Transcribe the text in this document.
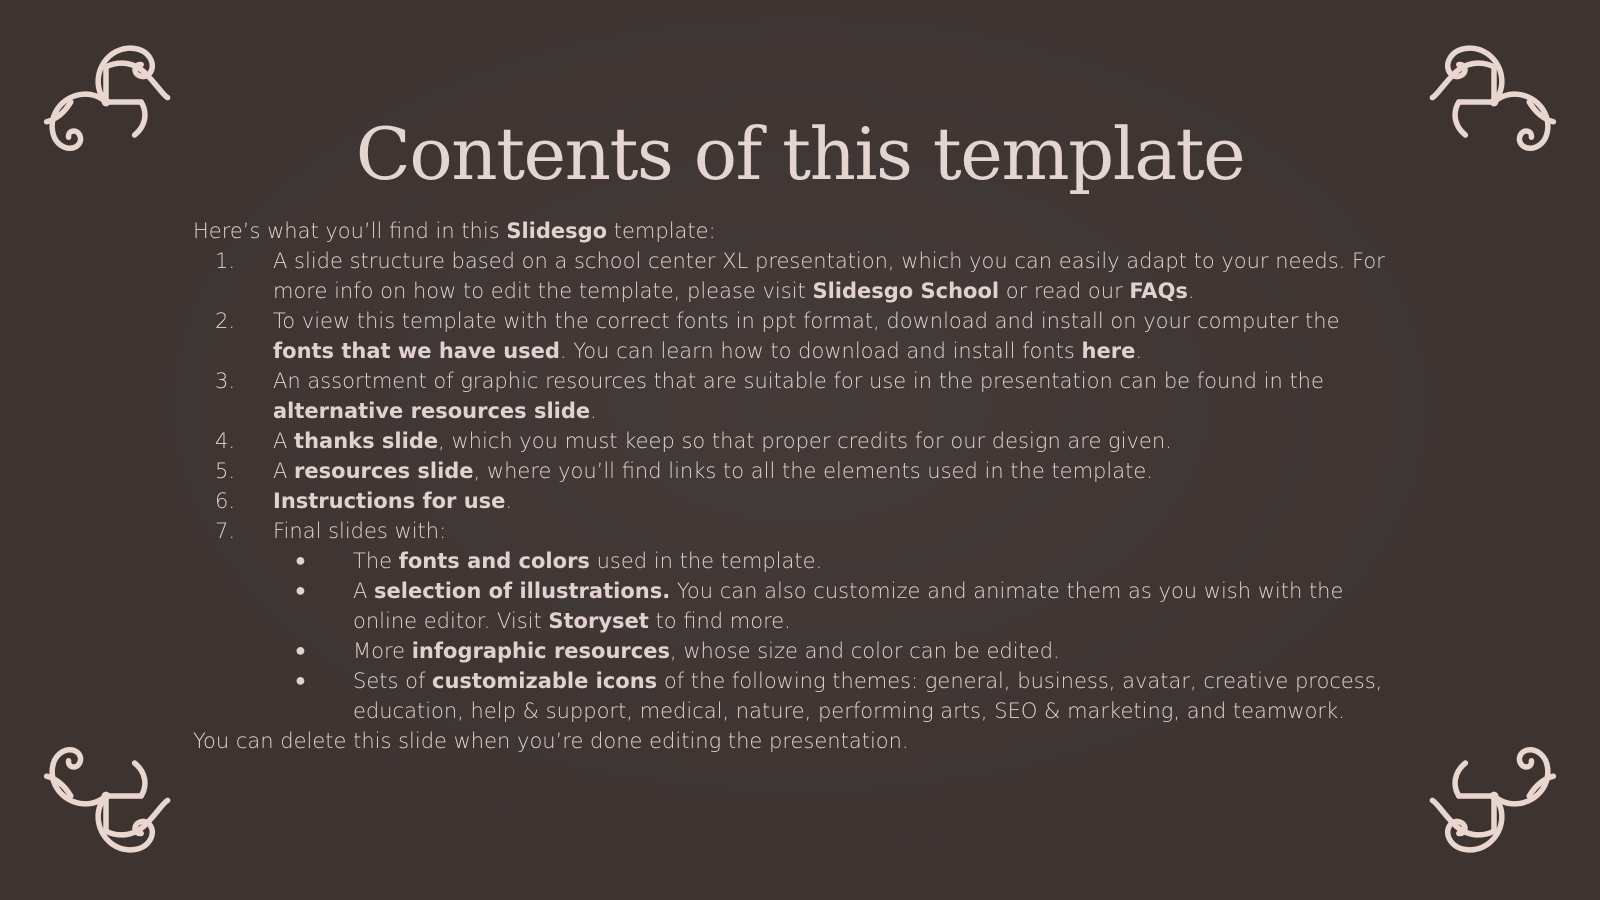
Contents of this template

Here’s what you’ll find in this Slidesgo template:

1. A slide structure based on a school center XL presentation, which you can easily adapt to your needs. For more info on how to edit the template, please visit Slidesgo School or read our FAQs.
2. To view this template with the correct fonts in ppt format, download and install on your computer the fonts that we have used. You can learn how to download and install fonts here.
3. An assortment of graphic resources that are suitable for use in the presentation can be found in the alternative resources slide.
4. A thanks slide, which you must keep so that proper credits for our design are given.
5. A resources slide, where you’ll find links to all the elements used in the template.
6. Instructions for use.
7. Final slides with:
● The fonts and colors used in the template.
● A selection of illustrations. You can also customize and animate them as you wish with the online editor. Visit Storyset to find more.
● More infographic resources, whose size and color can be edited.
● Sets of customizable icons of the following themes: general, business, avatar, creative process, education, help & support, medical, nature, performing arts, SEO & marketing, and teamwork.

You can delete this slide when you’re done editing the presentation.
